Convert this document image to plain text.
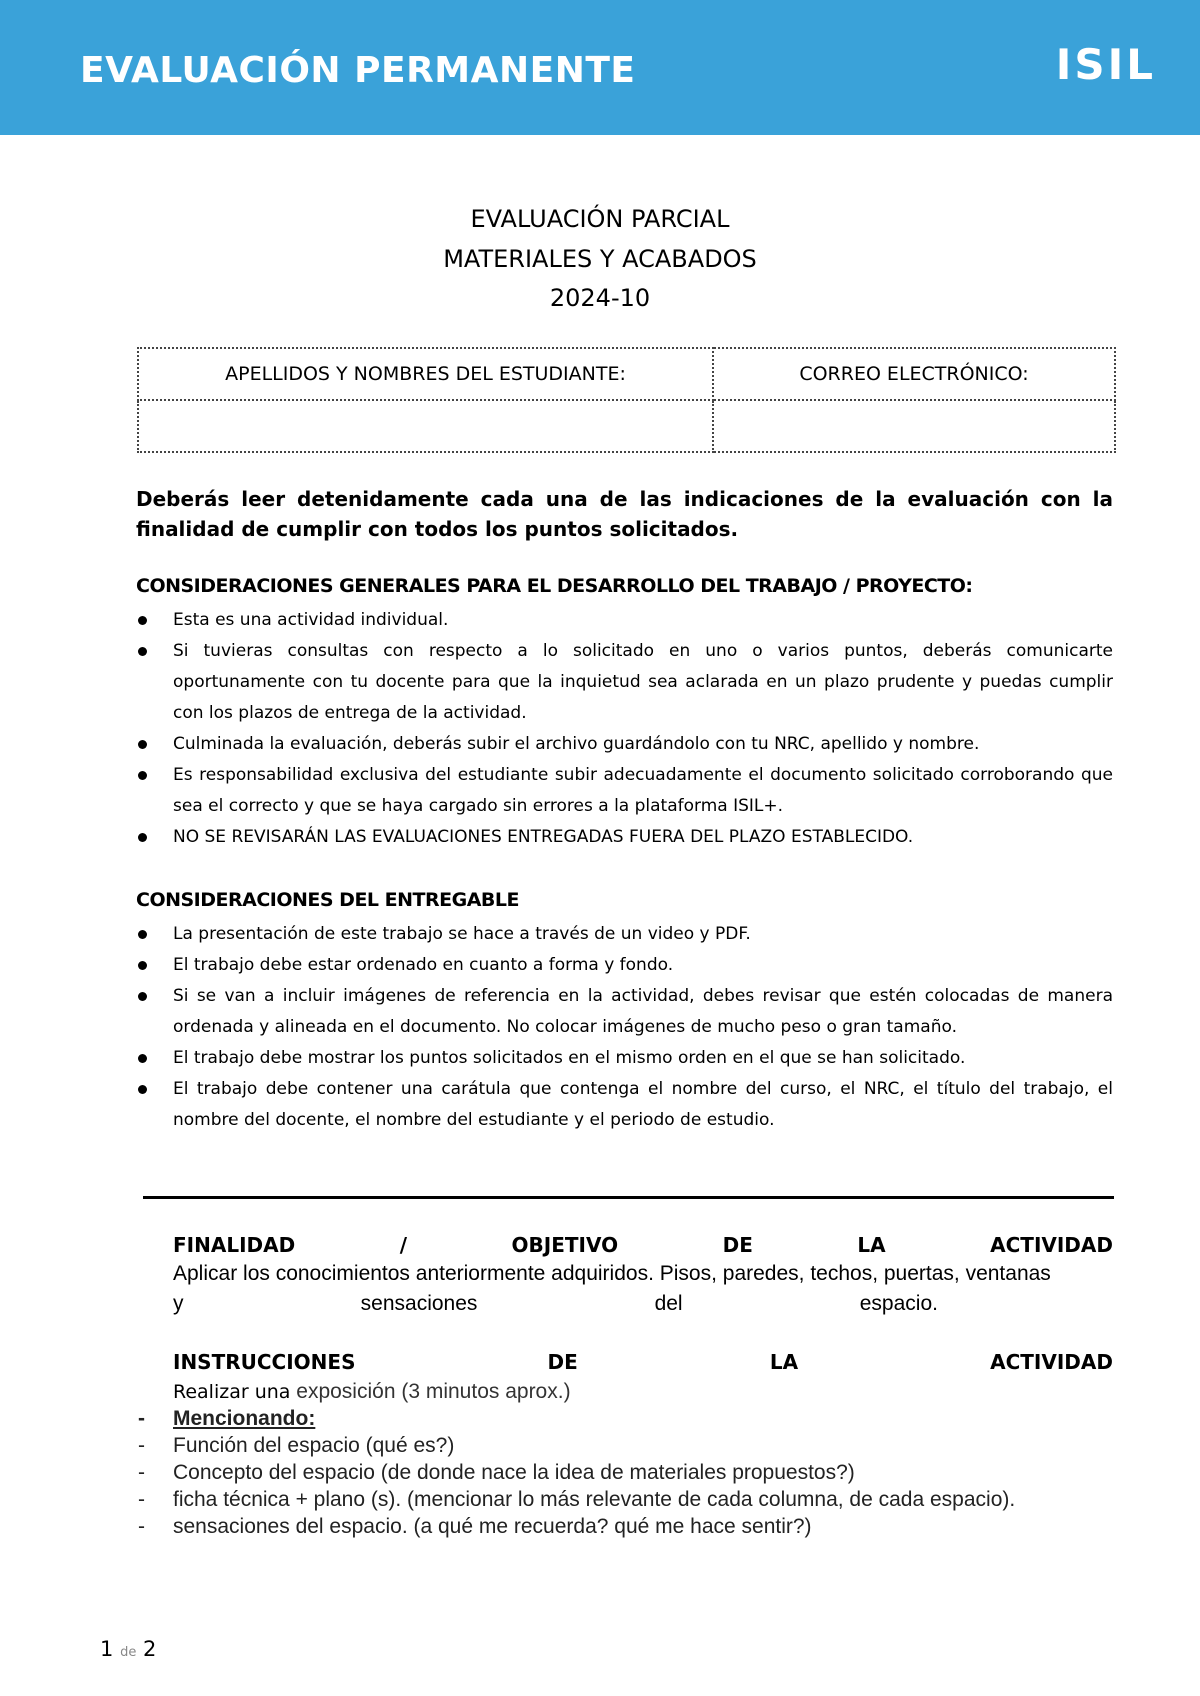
EVALUACIÓN PERMANENTE	ISIL
EVALUACIÓN PARCIAL
MATERIALES Y ACABADOS
2024-10
APELLIDOS Y NOMBRES DEL ESTUDIANTE:	CORREO ELECTRÓNICO:

Deberás leer detenidamente cada una de las indicaciones de la evaluación con la finalidad de cumplir con todos los puntos solicitados.
CONSIDERACIONES GENERALES PARA EL DESARROLLO DEL TRABAJO / PROYECTO:
Esta es una actividad individual.
Si tuvieras consultas con respecto a lo solicitado en uno o varios puntos, deberás comunicarte oportunamente con tu docente para que la inquietud sea aclarada en un plazo prudente y puedas cumplir con los plazos de entrega de la actividad.
Culminada la evaluación, deberás subir el archivo guardándolo con tu NRC, apellido y nombre.
Es responsabilidad exclusiva del estudiante subir adecuadamente el documento solicitado corroborando que sea el correcto y que se haya cargado sin errores a la plataforma ISIL+.
NO SE REVISARÁN LAS EVALUACIONES ENTREGADAS FUERA DEL PLAZO ESTABLECIDO.
CONSIDERACIONES DEL ENTREGABLE
La presentación de este trabajo se hace a través de un video y PDF.
El trabajo debe estar ordenado en cuanto a forma y fondo.
Si se van a incluir imágenes de referencia en la actividad, debes revisar que estén colocadas de manera ordenada y alineada en el documento. No colocar imágenes de mucho peso o gran tamaño.
El trabajo debe mostrar los puntos solicitados en el mismo orden en el que se han solicitado.
El trabajo debe contener una carátula que contenga el nombre del curso, el NRC, el título del trabajo, el nombre del docente, el nombre del estudiante y el periodo de estudio.
FINALIDAD	/	OBJETIVO	DE	LA	ACTIVIDAD
Aplicar los conocimientos anteriormente adquiridos. Pisos, paredes, techos, puertas, ventanas
y	sensaciones	del	espacio.
INSTRUCCIONES	DE	LA	ACTIVIDAD
Realizar una exposición (3 minutos aprox.)
- Mencionando:
- Función del espacio (qué es?)
- Concepto del espacio (de donde nace la idea de materiales propuestos?)
- ficha técnica + plano (s). (mencionar lo más relevante de cada columna, de cada espacio).
- sensaciones del espacio. (a qué me recuerda? qué me hace sentir?)
1 de 2
